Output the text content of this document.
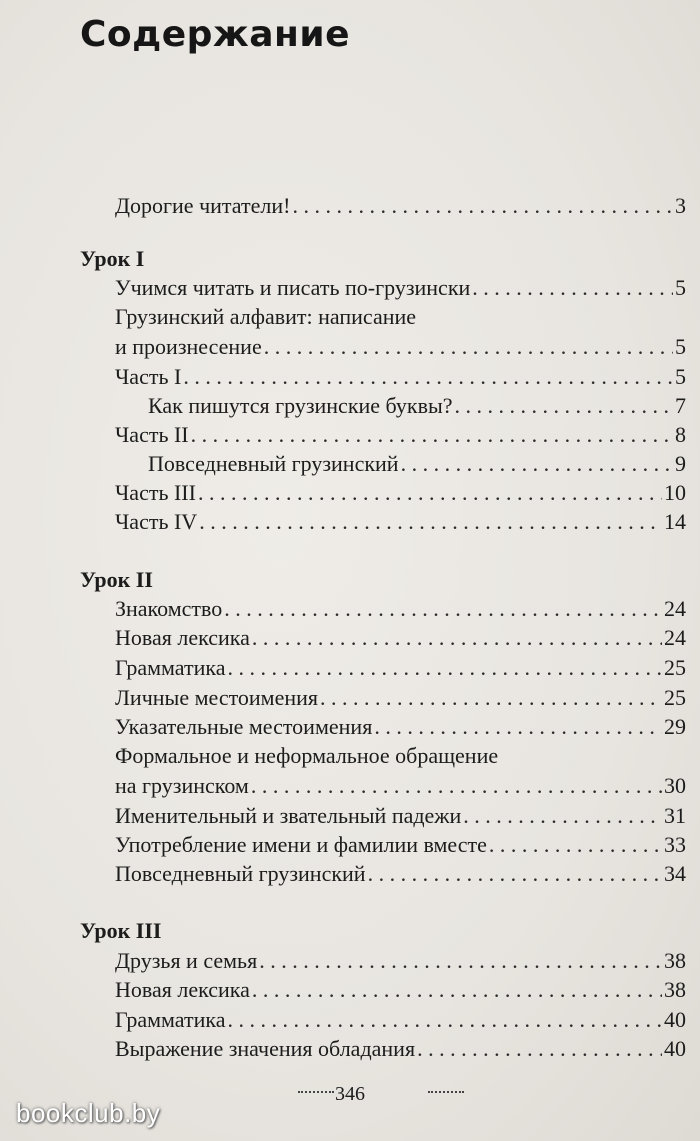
Содержание
Дорогие читатели! . . .	3
Урок I
Учимся читать и писать по-грузински . . .	5
Грузинский алфавит: написание
и произнесение . . .	5
Часть I . . .	5
Как пишутся грузинские буквы? . . .	7
Часть II . . .	8
Повседневный грузинский . . .	9
Часть III . . .	10
Часть IV . . .	14
Урок II
Знакомство . . .	24
Новая лексика . . .	24
Грамматика . . .	25
Личные местоимения . . .	25
Указательные местоимения . . .	29
Формальное и неформальное обращение
на грузинском . . .	30
Именительный и звательный падежи . . .	31
Употребление имени и фамилии вместе . . .	33
Повседневный грузинский . . .	34
Урок III
Друзья и семья . . .	38
Новая лексика . . .	38
Грамматика . . .	40
Выражение значения обладания . . .	40
346
bookclub.by
